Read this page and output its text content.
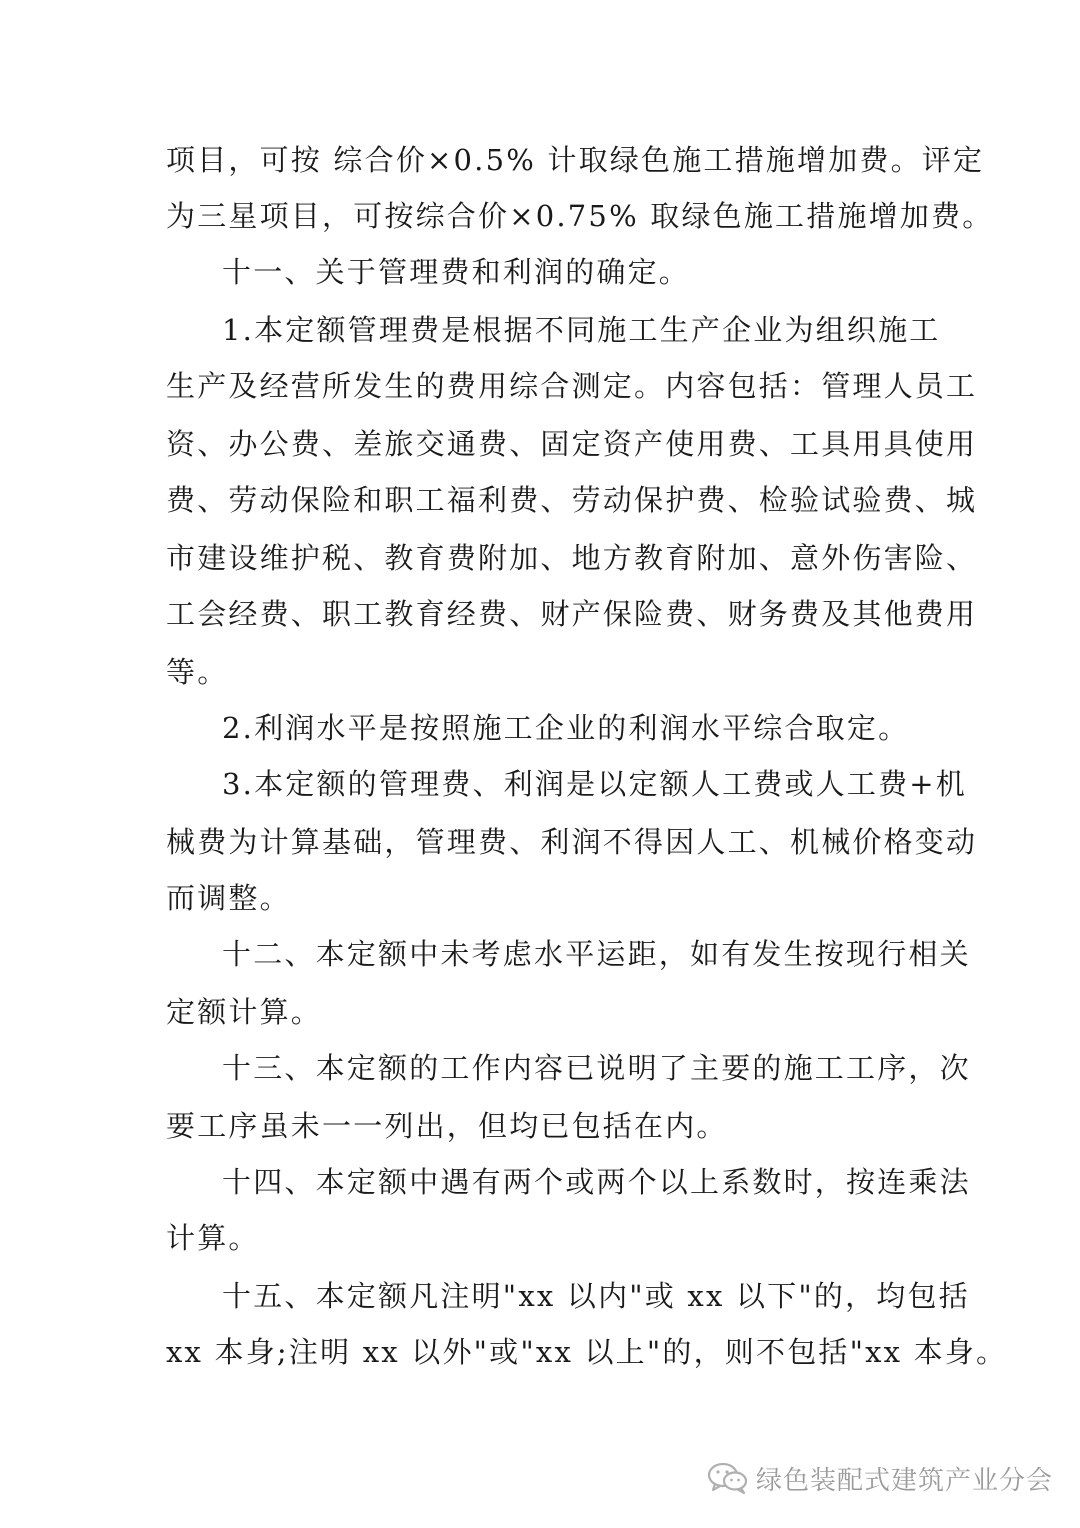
项目，可按 综合价×0.5% 计取绿色施工措施增加费。评定
为三星项目，可按综合价×0.75% 取绿色施工措施增加费。
十一、关于管理费和利润的确定。
1.本定额管理费是根据不同施工生产企业为组织施工
生产及经营所发生的费用综合测定。内容包括：管理人员工
资、办公费、差旅交通费、固定资产使用费、工具用具使用
费、劳动保险和职工福利费、劳动保护费、检验试验费、城
市建设维护税、教育费附加、地方教育附加、意外伤害险、
工会经费、职工教育经费、财产保险费、财务费及其他费用
等。
2.利润水平是按照施工企业的利润水平综合取定。
3.本定额的管理费、利润是以定额人工费或人工费+机
械费为计算基础，管理费、利润不得因人工、机械价格变动
而调整。
十二、本定额中未考虑水平运距，如有发生按现行相关
定额计算。
十三、本定额的工作内容已说明了主要的施工工序，次
要工序虽未一一列出，但均已包括在内。
十四、本定额中遇有两个或两个以上系数时，按连乘法
计算。
十五、本定额凡注明"xx 以内"或 xx 以下"的，均包括
xx 本身;注明 xx 以外"或"xx 以上"的，则不包括"xx 本身。
绿色装配式建筑产业分会
